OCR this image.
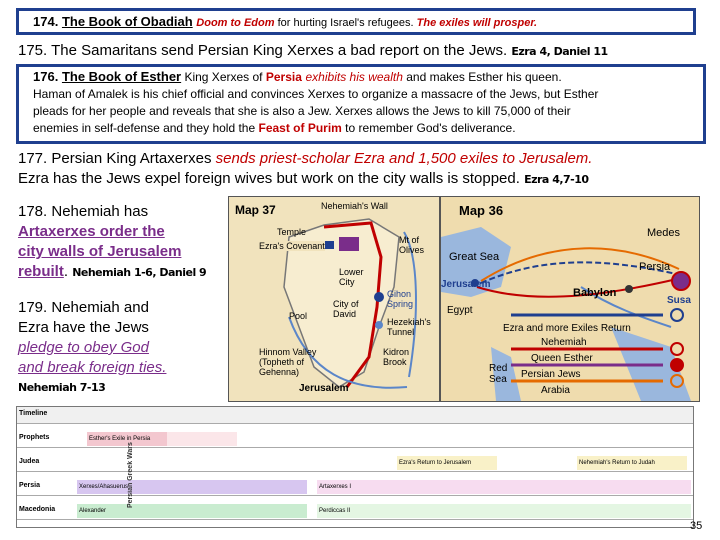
174. The Book of Obadiah Doom to Edom for hurting Israel's refugees. The exiles will prosper.
175. The Samaritans send Persian King Xerxes a bad report on the Jews. Ezra 4, Daniel 11
176. The Book of Esther King Xerxes of Persia exhibits his wealth and makes Esther his queen.
Haman of Amalek is his chief official and convinces Xerxes to organize a massacre of the Jews, but Esther
pleads for her people and reveals that she is also a Jew. Xerxes allows the Jews to kill 75,000 of their
enemies in self-defense and they hold the Feast of Purim to remember God's deliverance.
177. Persian King Artaxerxes sends priest-scholar Ezra and 1,500 exiles to Jerusalem.
Ezra has the Jews expel foreign wives but work on the city walls is stopped. Ezra 4,7-10
178. Nehemiah has
Artaxerxes order the
city walls of Jerusalem
rebuilt. Nehemiah 1-6, Daniel 9
179. Nehemiah and
Ezra have the Jews
pledge to obey God
and break foreign ties.
Nehemiah 7-13
Map 37	Nehemiah's Wall
Temple
Ezra's Covenant
Mt of Olives
Lower City
Pool
City of David
Gihon Spring
Hezekiah's Tunnel
Hinnom Valley (Topheth of Gehenna)
Kidron Brook
Jerusalem
Map 36
Medes
Great Sea
Persia
Jerusalem
Babylon
Susa
Egypt
Ezra and more Exiles Return
Nehemiah
Queen Esther
Persian Jews
Red Sea
Arabia
Timeline
Prophets	Esther's Exile in Persia
Judea	Ezra's Return to Jerusalem	Nehemiah's Return to Judah
Persia	Xerxes/Ahasuerus	Artaxerxes I
Macedonia	Alexander	Perdiccas II
Persian Greek Wars
35
